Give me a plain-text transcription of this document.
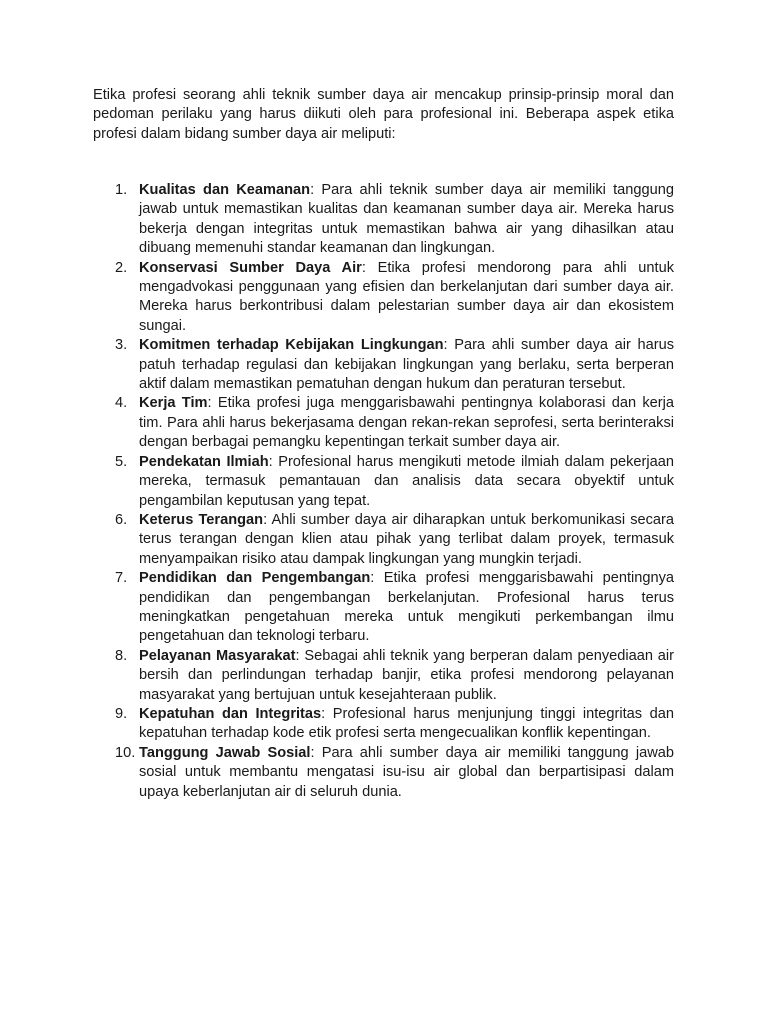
Etika profesi seorang ahli teknik sumber daya air mencakup prinsip-prinsip moral dan pedoman perilaku yang harus diikuti oleh para profesional ini. Beberapa aspek etika profesi dalam bidang sumber daya air meliputi:

1. Kualitas dan Keamanan: Para ahli teknik sumber daya air memiliki tanggung jawab untuk memastikan kualitas dan keamanan sumber daya air. Mereka harus bekerja dengan integritas untuk memastikan bahwa air yang dihasilkan atau dibuang memenuhi standar keamanan dan lingkungan.
2. Konservasi Sumber Daya Air: Etika profesi mendorong para ahli untuk mengadvokasi penggunaan yang efisien dan berkelanjutan dari sumber daya air. Mereka harus berkontribusi dalam pelestarian sumber daya air dan ekosistem sungai.
3. Komitmen terhadap Kebijakan Lingkungan: Para ahli sumber daya air harus patuh terhadap regulasi dan kebijakan lingkungan yang berlaku, serta berperan aktif dalam memastikan pematuhan dengan hukum dan peraturan tersebut.
4. Kerja Tim: Etika profesi juga menggarisbawahi pentingnya kolaborasi dan kerja tim. Para ahli harus bekerjasama dengan rekan-rekan seprofesi, serta berinteraksi dengan berbagai pemangku kepentingan terkait sumber daya air.
5. Pendekatan Ilmiah: Profesional harus mengikuti metode ilmiah dalam pekerjaan mereka, termasuk pemantauan dan analisis data secara obyektif untuk pengambilan keputusan yang tepat.
6. Keterus Terangan: Ahli sumber daya air diharapkan untuk berkomunikasi secara terus terangan dengan klien atau pihak yang terlibat dalam proyek, termasuk menyampaikan risiko atau dampak lingkungan yang mungkin terjadi.
7. Pendidikan dan Pengembangan: Etika profesi menggarisbawahi pentingnya pendidikan dan pengembangan berkelanjutan. Profesional harus terus meningkatkan pengetahuan mereka untuk mengikuti perkembangan ilmu pengetahuan dan teknologi terbaru.
8. Pelayanan Masyarakat: Sebagai ahli teknik yang berperan dalam penyediaan air bersih dan perlindungan terhadap banjir, etika profesi mendorong pelayanan masyarakat yang bertujuan untuk kesejahteraan publik.
9. Kepatuhan dan Integritas: Profesional harus menjunjung tinggi integritas dan kepatuhan terhadap kode etik profesi serta mengecualikan konflik kepentingan.
10. Tanggung Jawab Sosial: Para ahli sumber daya air memiliki tanggung jawab sosial untuk membantu mengatasi isu-isu air global dan berpartisipasi dalam upaya keberlanjutan air di seluruh dunia.
